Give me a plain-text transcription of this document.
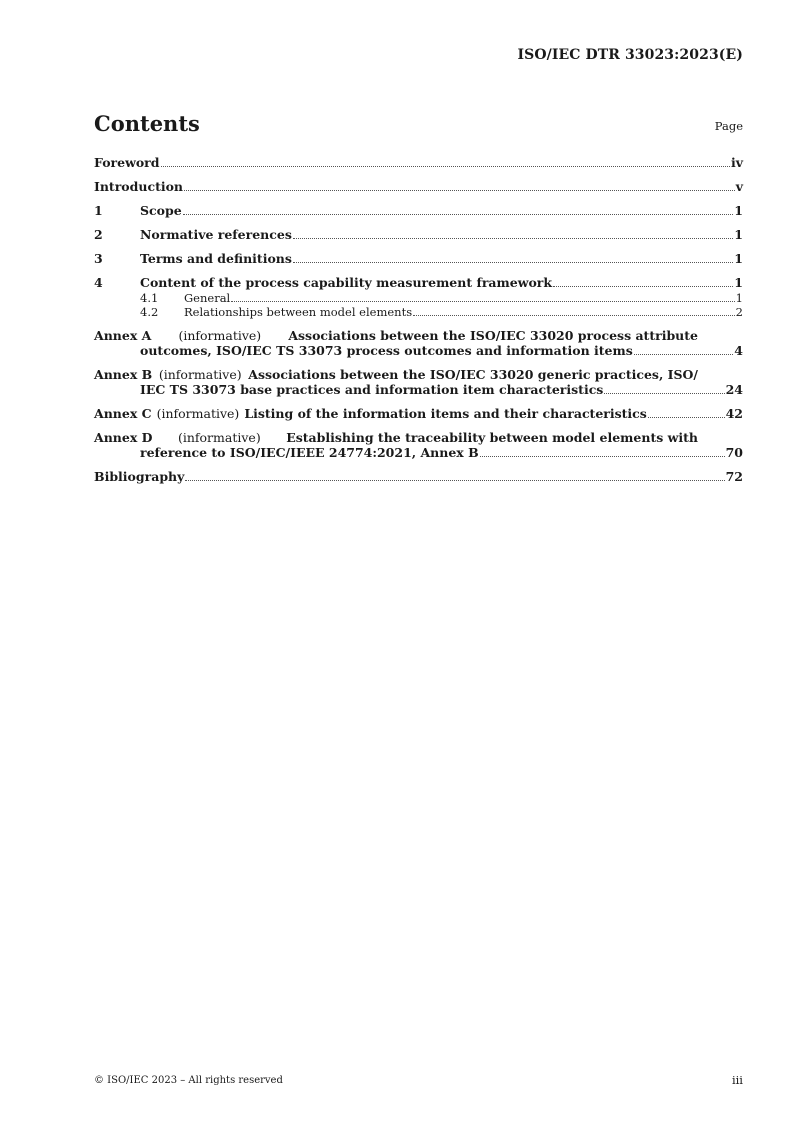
ISO/IEC DTR 33023:2023(E)
Contents	Page
Foreword	iv
Introduction	v
1	Scope	1
2	Normative references	1
3	Terms and definitions	1
4	Content of the process capability measurement framework	1
4.1	General	1
4.2	Relationships between model elements	2
Annex A (informative) Associations between the ISO/IEC 33020 process attribute
outcomes, ISO/IEC TS 33073 process outcomes and information items	4
Annex B (informative) Associations between the ISO/IEC 33020 generic practices, ISO/
IEC TS 33073 base practices and information item characteristics	24
Annex C (informative) Listing of the information items and their characteristics	42
Annex D (informative) Establishing the traceability between model elements with
reference to ISO/IEC/IEEE 24774:2021, Annex B	70
Bibliography	72
© ISO/IEC 2023 – All rights reserved	iii
